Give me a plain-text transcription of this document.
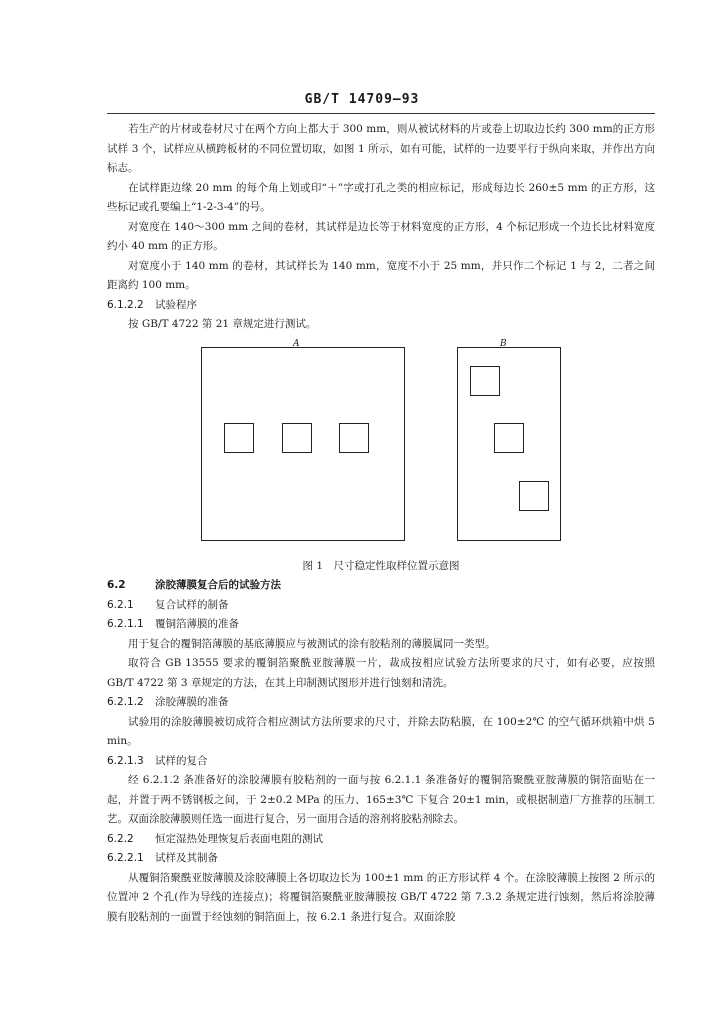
GB/T 14709—93

若生产的片材或卷材尺寸在两个方向上都大于 300 mm，则从被试材料的片或卷上切取边长约 300 mm的正方形试样 3 个，试样应从横跨板材的不同位置切取，如图 1 所示，如有可能，试样的一边要平行于纵向来取，并作出方向标志。

在试样距边缘 20 mm 的每个角上划或印“＋”字或打孔之类的相应标记，形成每边长 260±5 mm 的正方形，这些标记或孔要编上“1-2-3-4”的号。

对宽度在 140～300 mm 之间的卷材，其试样是边长等于材料宽度的正方形，4 个标记形成一个边长比材料宽度约小 40 mm 的正方形。

对宽度小于 140 mm 的卷材，其试样长为 140 mm，宽度不小于 25 mm，并只作二个标记 1 与 2，二者之间距离约 100 mm。

6.1.2.2 试验程序

按 GB/T 4722 第 21 章规定进行测试。

A	B

图 1　尺寸稳定性取样位置示意图

6.2	涂胶薄膜复合后的试验方法

6.2.1 复合试样的制备

6.2.1.1 覆铜箔薄膜的准备

用于复合的覆铜箔薄膜的基底薄膜应与被测试的涂有胶粘剂的薄膜属同一类型。

取符合 GB 13555 要求的覆铜箔聚酰亚胺薄膜一片，裁成按相应试验方法所要求的尺寸，如有必要，应按照 GB/T 4722 第 3 章规定的方法，在其上印制测试图形并进行蚀刻和清洗。

6.2.1.2 涂胶薄膜的准备

试验用的涂胶薄膜被切成符合相应测试方法所要求的尺寸，并除去防粘膜，在 100±2℃ 的空气循环烘箱中烘 5 min。

6.2.1.3 试样的复合

经 6.2.1.2 条准备好的涂胶薄膜有胶粘剂的一面与按 6.2.1.1 条准备好的覆铜箔聚酰亚胺薄膜的铜箔面贴在一起，并置于两不锈钢板之间，于 2±0.2 MPa 的压力、165±3℃ 下复合 20±1 min，或根据制造厂方推荐的压制工艺。双面涂胶薄膜则任选一面进行复合，另一面用合适的溶剂将胶粘剂除去。

6.2.2 恒定湿热处理恢复后表面电阻的测试

6.2.2.1 试样及其制备

从覆铜箔聚酰亚胺薄膜及涂胶薄膜上各切取边长为 100±1 mm 的正方形试样 4 个。在涂胶薄膜上按图 2 所示的位置冲 2 个孔(作为导线的连接点)；将覆铜箔聚酰亚胺薄膜按 GB/T 4722 第 7.3.2 条规定进行蚀刻，然后将涂胶薄膜有胶粘剂的一面置于经蚀刻的铜箔面上，按 6.2.1 条进行复合。双面涂胶
